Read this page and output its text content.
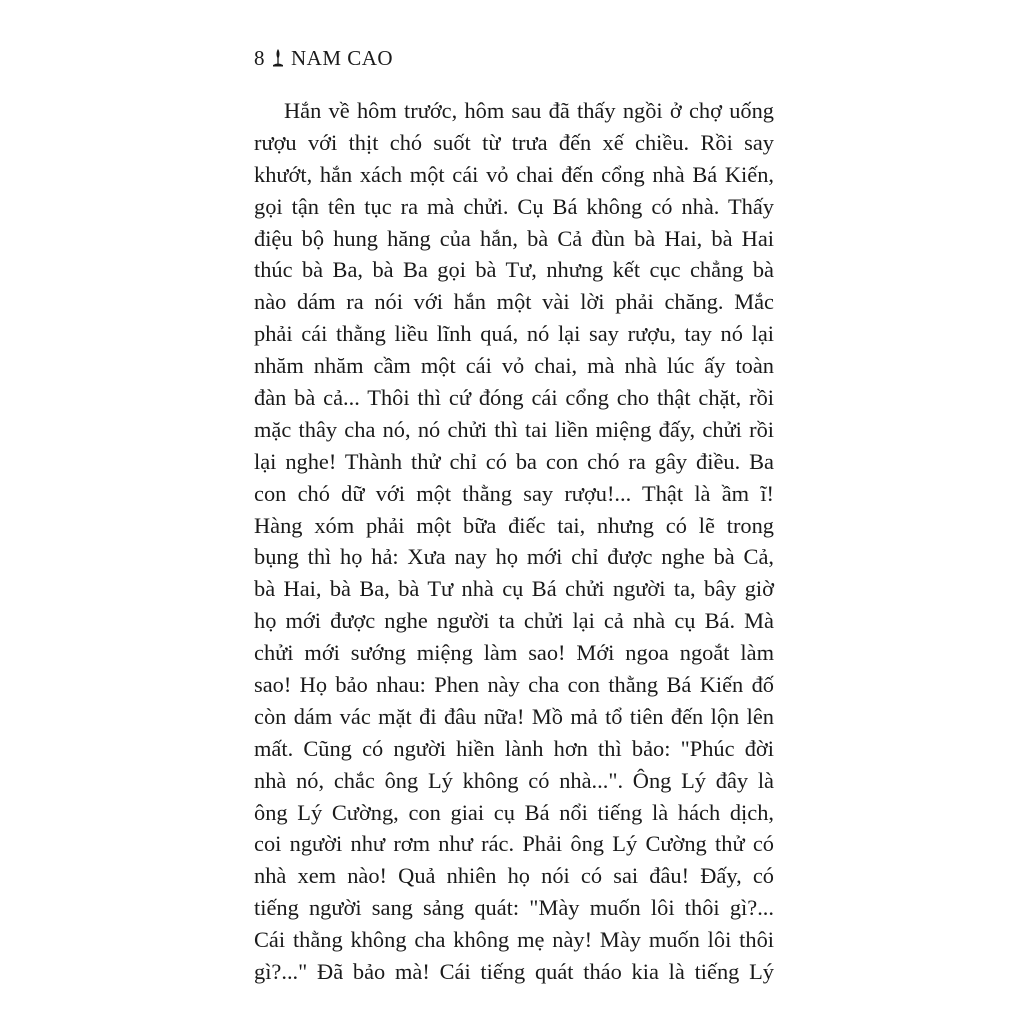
8 NAM CAO
Hắn về hôm trước, hôm sau đã thấy ngồi ở chợ uống
rượu với thịt chó suốt từ trưa đến xế chiều. Rồi say
khướt, hắn xách một cái vỏ chai đến cổng nhà Bá Kiến,
gọi tận tên tục ra mà chửi. Cụ Bá không có nhà. Thấy
điệu bộ hung hăng của hắn, bà Cả đùn bà Hai, bà Hai
thúc bà Ba, bà Ba gọi bà Tư, nhưng kết cục chẳng bà
nào dám ra nói với hắn một vài lời phải chăng. Mắc
phải cái thằng liều lĩnh quá, nó lại say rượu, tay nó lại
nhăm nhăm cầm một cái vỏ chai, mà nhà lúc ấy toàn
đàn bà cả... Thôi thì cứ đóng cái cổng cho thật chặt, rồi
mặc thây cha nó, nó chửi thì tai liền miệng đấy, chửi rồi
lại nghe! Thành thử chỉ có ba con chó ra gây điều. Ba
con chó dữ với một thằng say rượu!... Thật là ầm ĩ!
Hàng xóm phải một bữa điếc tai, nhưng có lẽ trong
bụng thì họ hả: Xưa nay họ mới chỉ được nghe bà Cả,
bà Hai, bà Ba, bà Tư nhà cụ Bá chửi người ta, bây giờ
họ mới được nghe người ta chửi lại cả nhà cụ Bá. Mà
chửi mới sướng miệng làm sao! Mới ngoa ngoắt làm
sao! Họ bảo nhau: Phen này cha con thằng Bá Kiến đố
còn dám vác mặt đi đâu nữa! Mồ mả tổ tiên đến lộn lên
mất. Cũng có người hiền lành hơn thì bảo: "Phúc đời
nhà nó, chắc ông Lý không có nhà...". Ông Lý đây là
ông Lý Cường, con giai cụ Bá nổi tiếng là hách dịch,
coi người như rơm như rác. Phải ông Lý Cường thử có
nhà xem nào! Quả nhiên họ nói có sai đâu! Đấy, có
tiếng người sang sảng quát: "Mày muốn lôi thôi gì?...
Cái thằng không cha không mẹ này! Mày muốn lôi thôi
gì?..." Đã bảo mà! Cái tiếng quát tháo kia là tiếng Lý
